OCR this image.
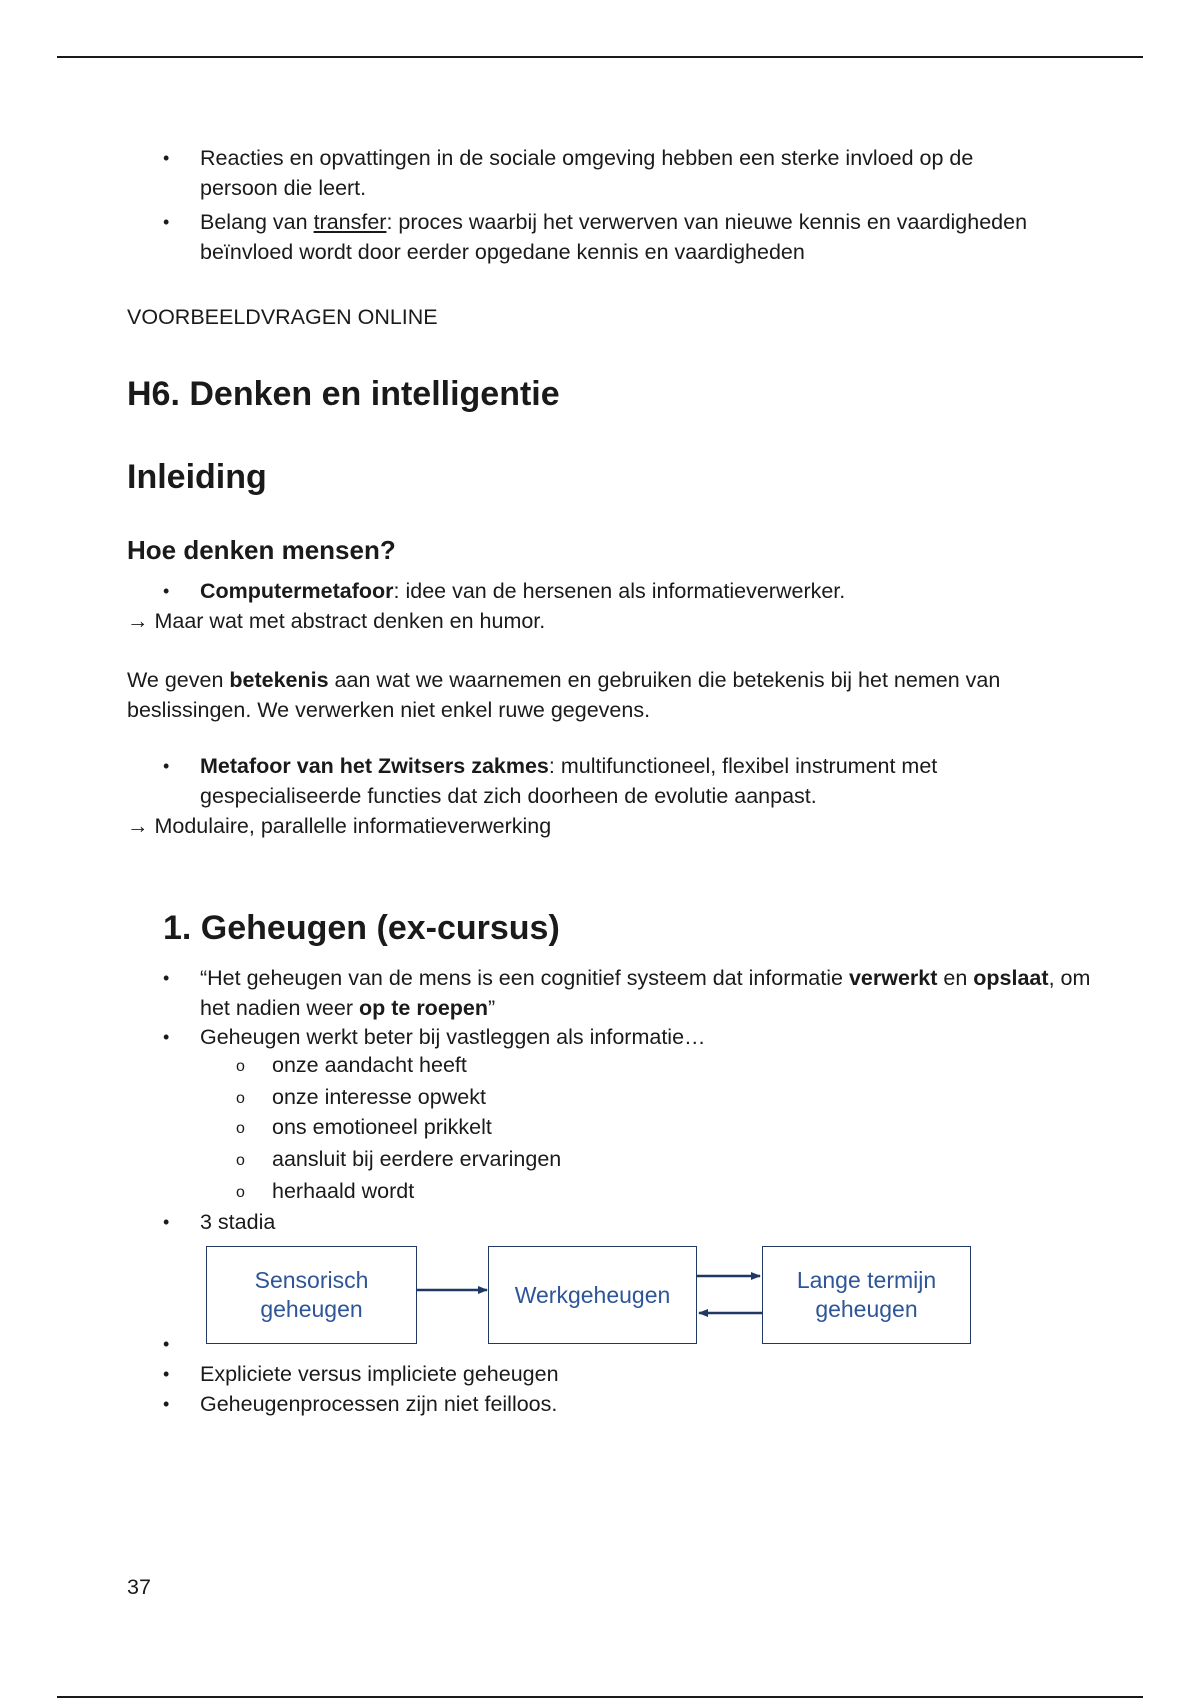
• Reacties en opvattingen in de sociale omgeving hebben een sterke invloed op de
persoon die leert.
• Belang van transfer: proces waarbij het verwerven van nieuwe kennis en vaardigheden
beïnvloed wordt door eerder opgedane kennis en vaardigheden
VOORBEELDVRAGEN ONLINE
H6. Denken en intelligentie
Inleiding
Hoe denken mensen?
• Computermetafoor: idee van de hersenen als informatieverwerker.
→ Maar wat met abstract denken en humor.
We geven betekenis aan wat we waarnemen en gebruiken die betekenis bij het nemen van
beslissingen. We verwerken niet enkel ruwe gegevens.
• Metafoor van het Zwitsers zakmes: multifunctioneel, flexibel instrument met
gespecialiseerde functies dat zich doorheen de evolutie aanpast.
→ Modulaire, parallelle informatieverwerking
1. Geheugen (ex-cursus)
• “Het geheugen van de mens is een cognitief systeem dat informatie verwerkt en opslaat, om
het nadien weer op te roepen”
• Geheugen werkt beter bij vastleggen als informatie…
o onze aandacht heeft
o onze interesse opwekt
o ons emotioneel prikkelt
o aansluit bij eerdere ervaringen
o herhaald wordt
• 3 stadia
Sensorisch
geheugen
Werkgeheugen
Lange termijn
geheugen
•
• Expliciete versus impliciete geheugen
• Geheugenprocessen zijn niet feilloos.
37
